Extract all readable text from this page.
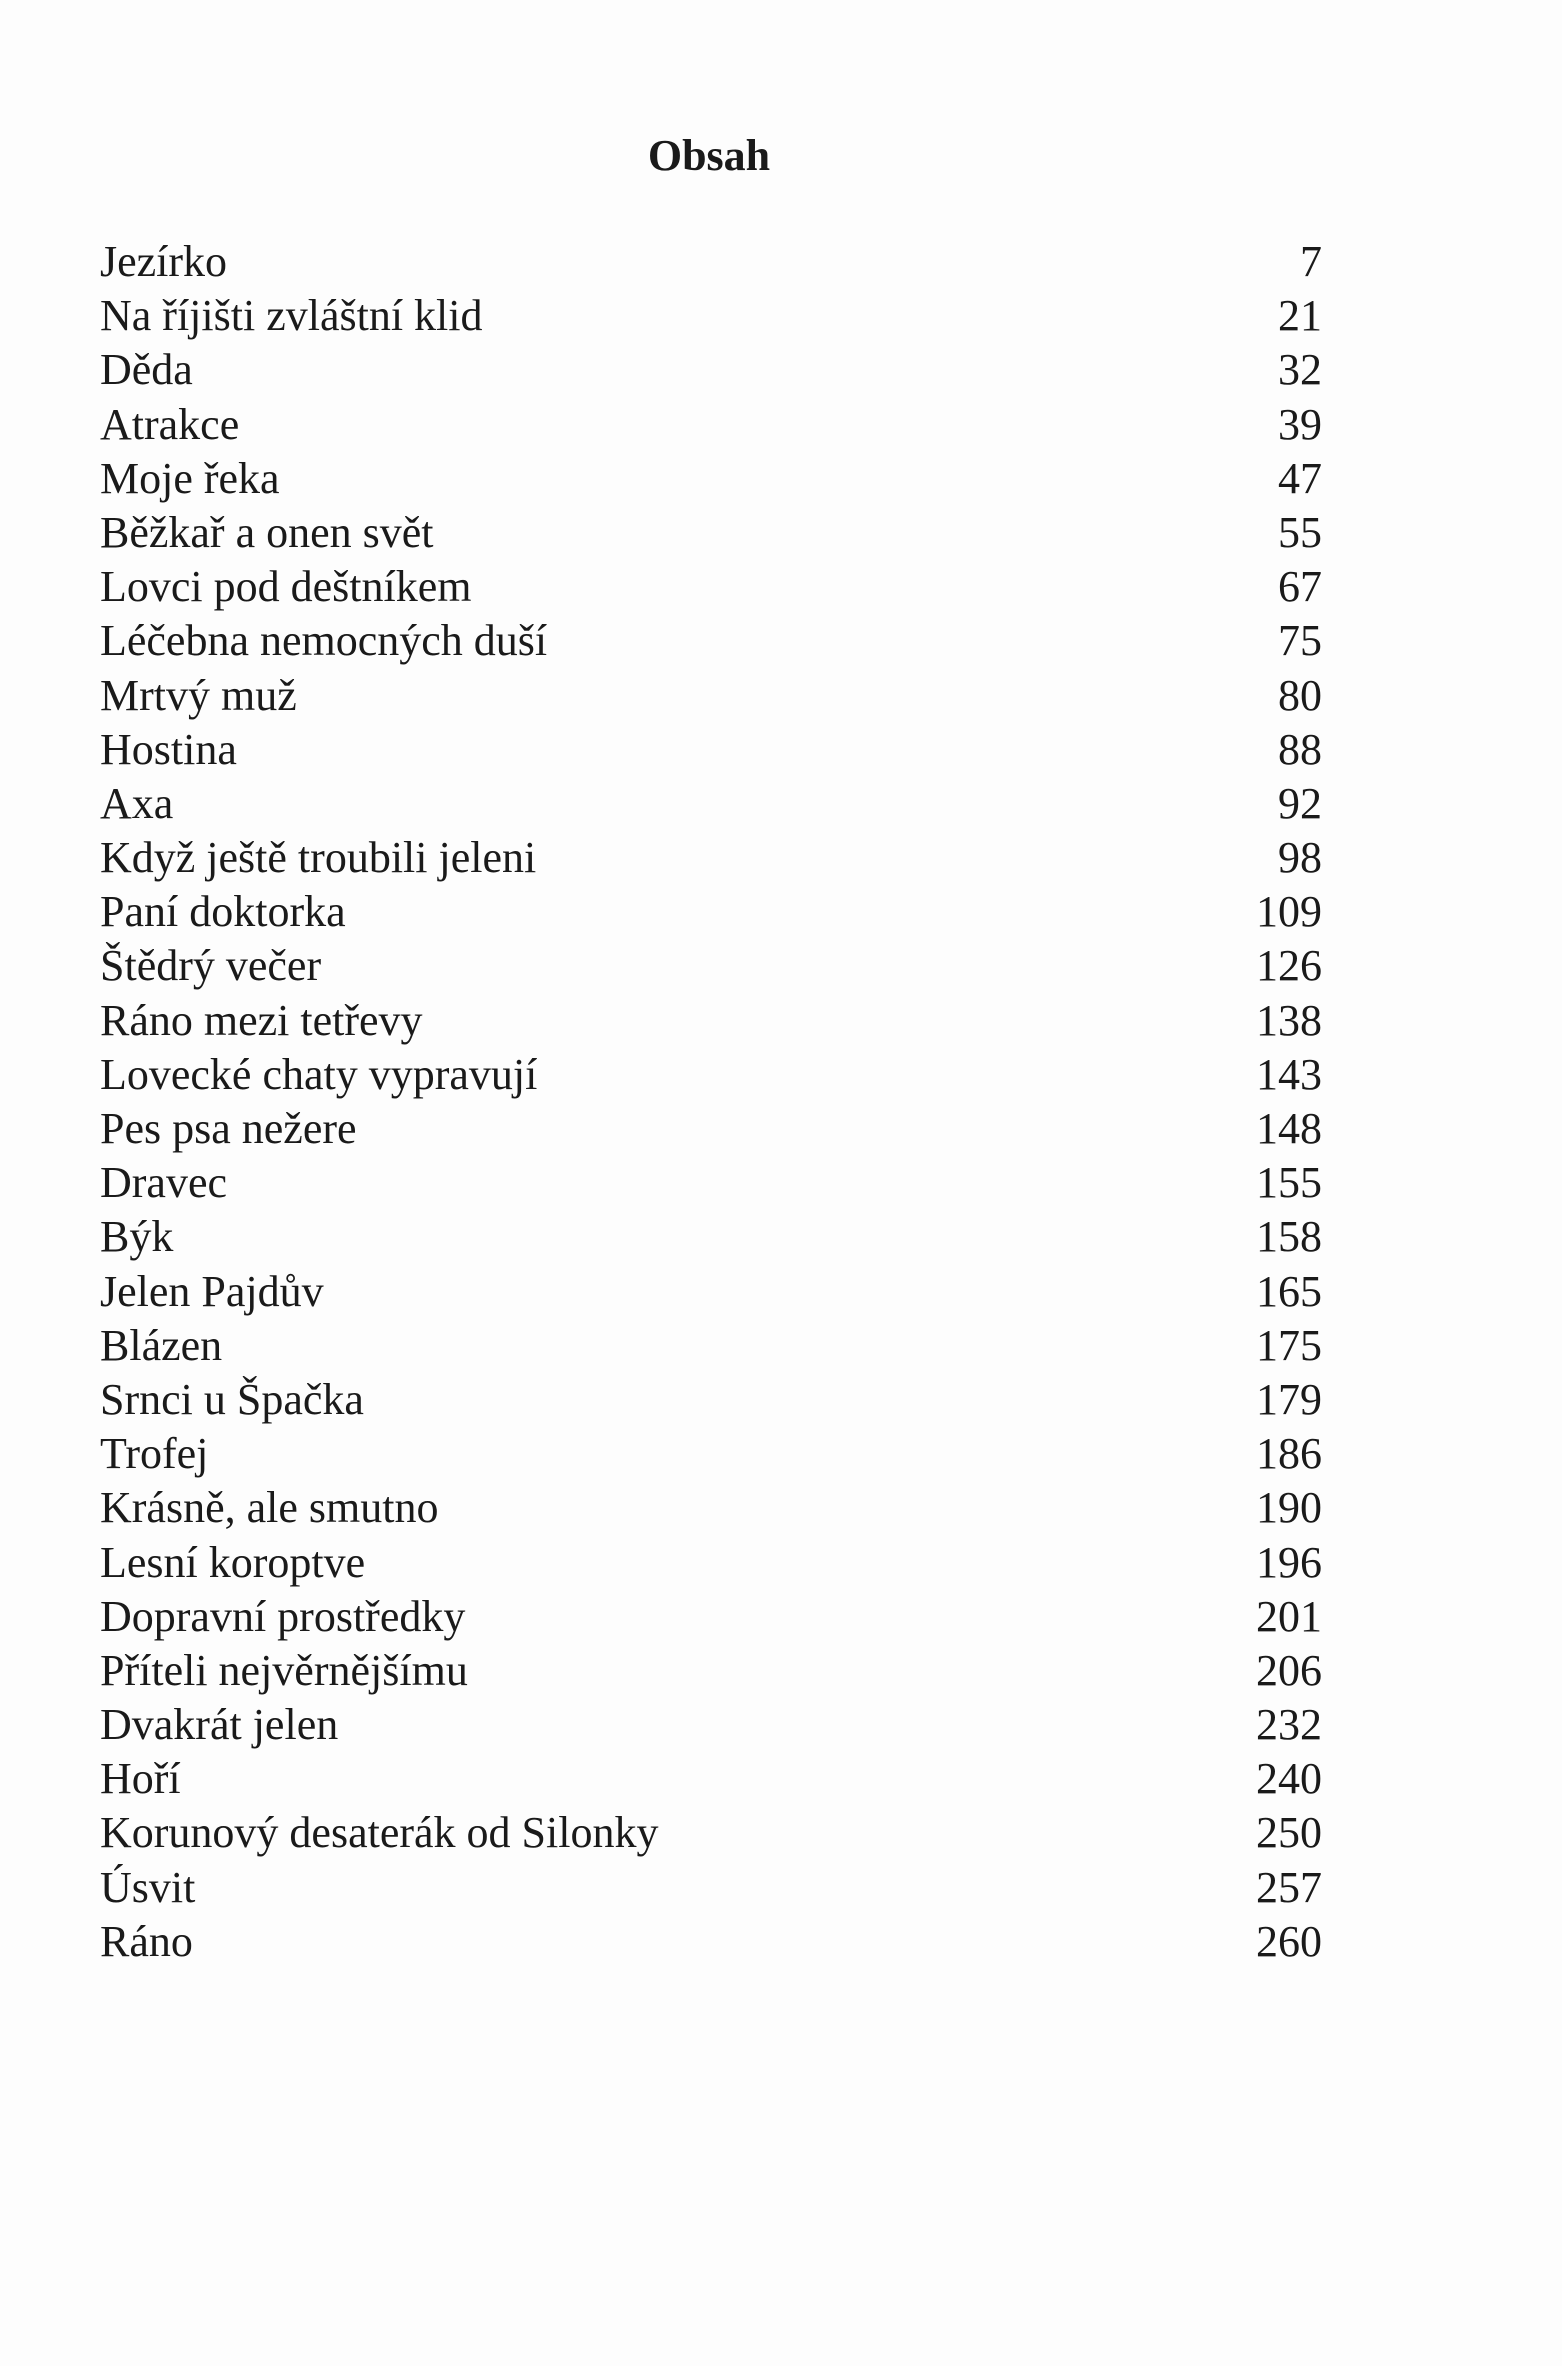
Obsah
Jezírko	7
Na říjišti zvláštní klid	21
Děda	32
Atrakce	39
Moje řeka	47
Běžkař a onen svět	55
Lovci pod deštníkem	67
Léčebna nemocných duší	75
Mrtvý muž	80
Hostina	88
Axa	92
Když ještě troubili jeleni	98
Paní doktorka	109
Štědrý večer	126
Ráno mezi tetřevy	138
Lovecké chaty vypravují	143
Pes psa nežere	148
Dravec	155
Býk	158
Jelen Pajdův	165
Blázen	175
Srnci u Špačka	179
Trofej	186
Krásně, ale smutno	190
Lesní koroptve	196
Dopravní prostředky	201
Příteli nejvěrnějšímu	206
Dvakrát jelen	232
Hoří	240
Korunový desaterák od Silonky	250
Úsvit	257
Ráno	260
